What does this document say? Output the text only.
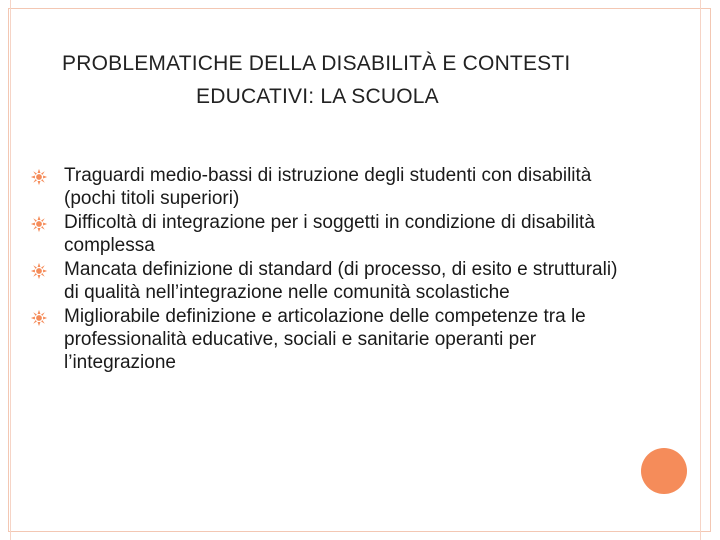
PROBLEMATICHE DELLA DISABILITÀ E CONTESTI
EDUCATIVI: LA SCUOLA
Traguardi medio-bassi di istruzione degli studenti con disabilità (pochi titoli superiori)
Difficoltà di integrazione per i soggetti in condizione di disabilità complessa
Mancata definizione di standard (di processo, di esito e strutturali) di qualità nell’integrazione nelle comunità scolastiche
Migliorabile definizione e articolazione delle competenze tra le professionalità educative, sociali e sanitarie operanti per l’integrazione
